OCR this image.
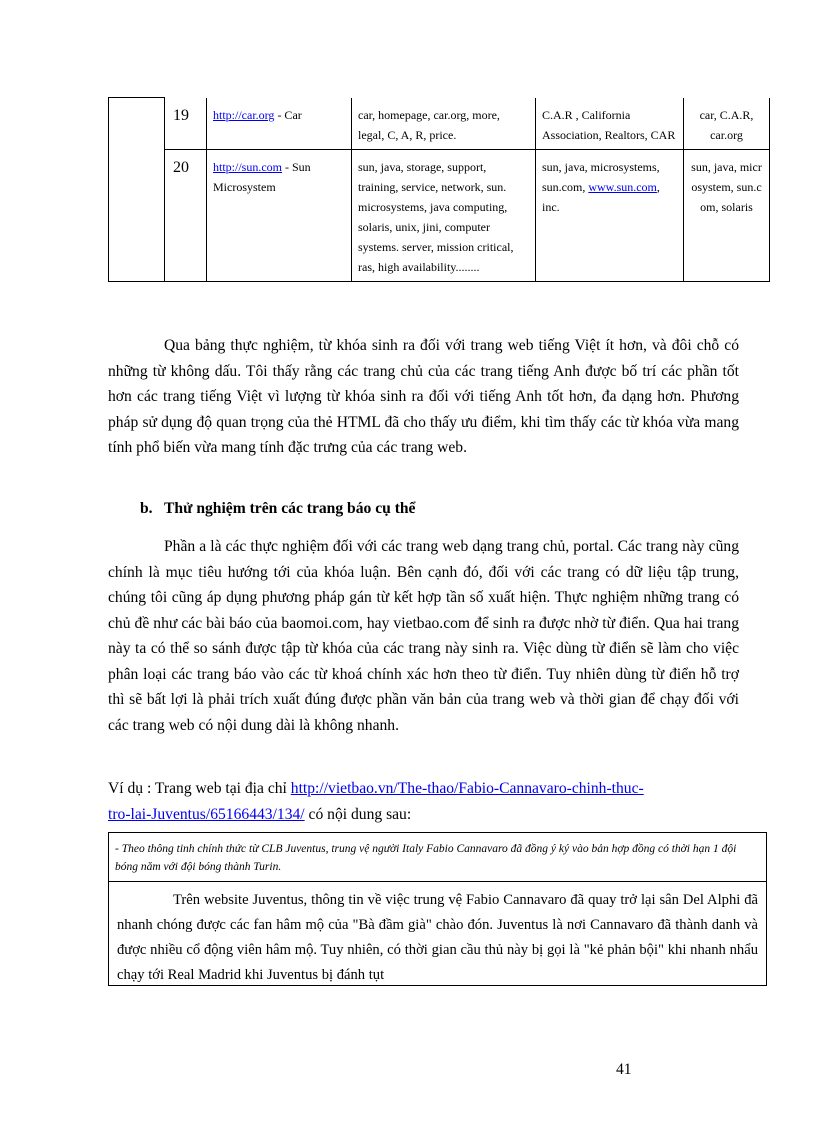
	19	http://car.org - Car	car, homepage, car.org, more, legal, C, A, R, price.	C.A.R , California Association, Realtors, CAR	car, C.A.R, car.org
	20	http://sun.com - Sun Microsystem	sun, java, storage, support, training, service, network, sun. microsystems, java computing, solaris, unix, jini, computer systems. server, mission critical, ras, high availability........	sun, java, microsystems, sun.com, www.sun.com, inc.	sun, java, microsystem, sun.com, solaris
Qua bảng thực nghiệm, từ khóa sinh ra đối với trang web tiếng Việt ít hơn, và đôi chỗ có những từ không dấu. Tôi thấy rằng các trang chủ của các trang tiếng Anh được bố trí các phần tốt hơn các trang tiếng Việt vì lượng từ khóa sinh ra đối với tiếng Anh tốt hơn, đa dạng hơn. Phương pháp sử dụng độ quan trọng của thẻ HTML đã cho thấy ưu điểm, khi tìm thấy các từ khóa vừa mang tính phổ biến vừa mang tính đặc trưng của các trang web.
b. Thử nghiệm trên các trang báo cụ thể
Phần a là các thực nghiệm đối với các trang web dạng trang chủ, portal. Các trang này cũng chính là mục tiêu hướng tới của khóa luận. Bên cạnh đó, đối với các trang có dữ liệu tập trung, chúng tôi cũng áp dụng phương pháp gán từ kết hợp tần số xuất hiện. Thực nghiệm những trang có chủ đề như các bài báo của baomoi.com, hay vietbao.com để sinh ra được nhờ từ điển. Qua hai trang này ta có thể so sánh được tập từ khóa của các trang này sinh ra. Việc dùng từ điển sẽ làm cho việc phân loại các trang báo vào các từ khoá chính xác hơn theo từ điển. Tuy nhiên dùng từ điển hỗ trợ thì sẽ bất lợi là phải trích xuất đúng được phần văn bản của trang web và thời gian để chạy đối với các trang web có nội dung dài là không nhanh.
Ví dụ : Trang web tại địa chỉ http://vietbao.vn/The-thao/Fabio-Cannavaro-chinh-thuc-
tro-lai-Juventus/65166443/134/ có nội dung sau:
- Theo thông tinh chính thức từ CLB Juventus, trung vệ người Italy Fabio Cannavaro đã đồng ý ký vào bản hợp đồng có thời hạn 1 đội bóng năm với đội bóng thành Turin.
Trên website Juventus, thông tin về việc trung vệ Fabio Cannavaro đã quay trở lại sân Del Alphi đã nhanh chóng được các fan hâm mộ của "Bà đầm già" chào đón. Juventus là nơi Cannavaro đã thành danh và được nhiều cổ động viên hâm mộ. Tuy nhiên, có thời gian cầu thủ này bị gọi là "kẻ phản bội" khi nhanh nhẩu chạy tới Real Madrid khi Juventus bị đánh tụt
41
